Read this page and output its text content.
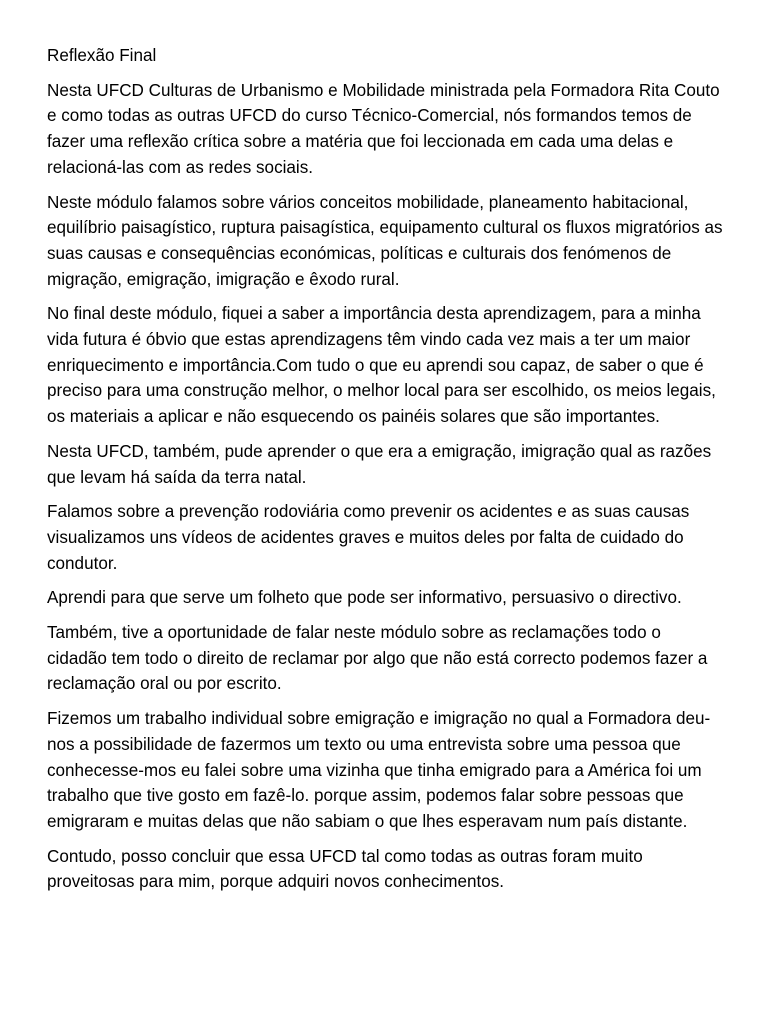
Reflexão Final

Nesta UFCD Culturas de Urbanismo e Mobilidade ministrada pela Formadora Rita Couto e como todas as outras UFCD do curso Técnico-Comercial, nós formandos temos de fazer uma reflexão crítica sobre a matéria que foi leccionada em cada uma delas e relacioná-las com as redes sociais.

Neste módulo falamos sobre vários conceitos mobilidade, planeamento habitacional, equilíbrio paisagístico, ruptura paisagística, equipamento cultural os fluxos migratórios as suas causas e consequências económicas, políticas e culturais dos fenómenos de migração, emigração, imigração e êxodo rural.

No final deste módulo, fiquei a saber a importância desta aprendizagem, para a minha vida futura é óbvio que estas aprendizagens têm vindo cada vez mais a ter um maior enriquecimento e importância.Com tudo o que eu aprendi sou capaz, de saber o que é preciso para uma construção melhor, o melhor local para ser escolhido, os meios legais, os materiais a aplicar e não esquecendo os painéis solares que são importantes.

Nesta UFCD, também, pude aprender o que era a emigração, imigração qual as razões que levam há saída da terra natal.

Falamos sobre a prevenção rodoviária como prevenir os acidentes e as suas causas visualizamos uns vídeos de acidentes graves e muitos deles por falta de cuidado do condutor.

Aprendi para que serve um folheto que pode ser informativo, persuasivo o directivo.

Também, tive a oportunidade de falar neste módulo sobre as reclamações todo o cidadão tem todo o direito de reclamar por algo que não está correcto podemos fazer a reclamação oral ou por escrito.

Fizemos um trabalho individual sobre emigração e imigração no qual a Formadora deu-nos a possibilidade de fazermos um texto ou uma entrevista sobre uma pessoa que conhecesse-mos eu falei sobre uma vizinha que tinha emigrado para a América foi um trabalho que tive gosto em fazê-lo. porque assim, podemos falar sobre pessoas que emigraram e muitas delas que não sabiam o que lhes esperavam num país distante.

Contudo, posso concluir que essa UFCD tal como todas as outras foram muito proveitosas para mim, porque adquiri novos conhecimentos.
